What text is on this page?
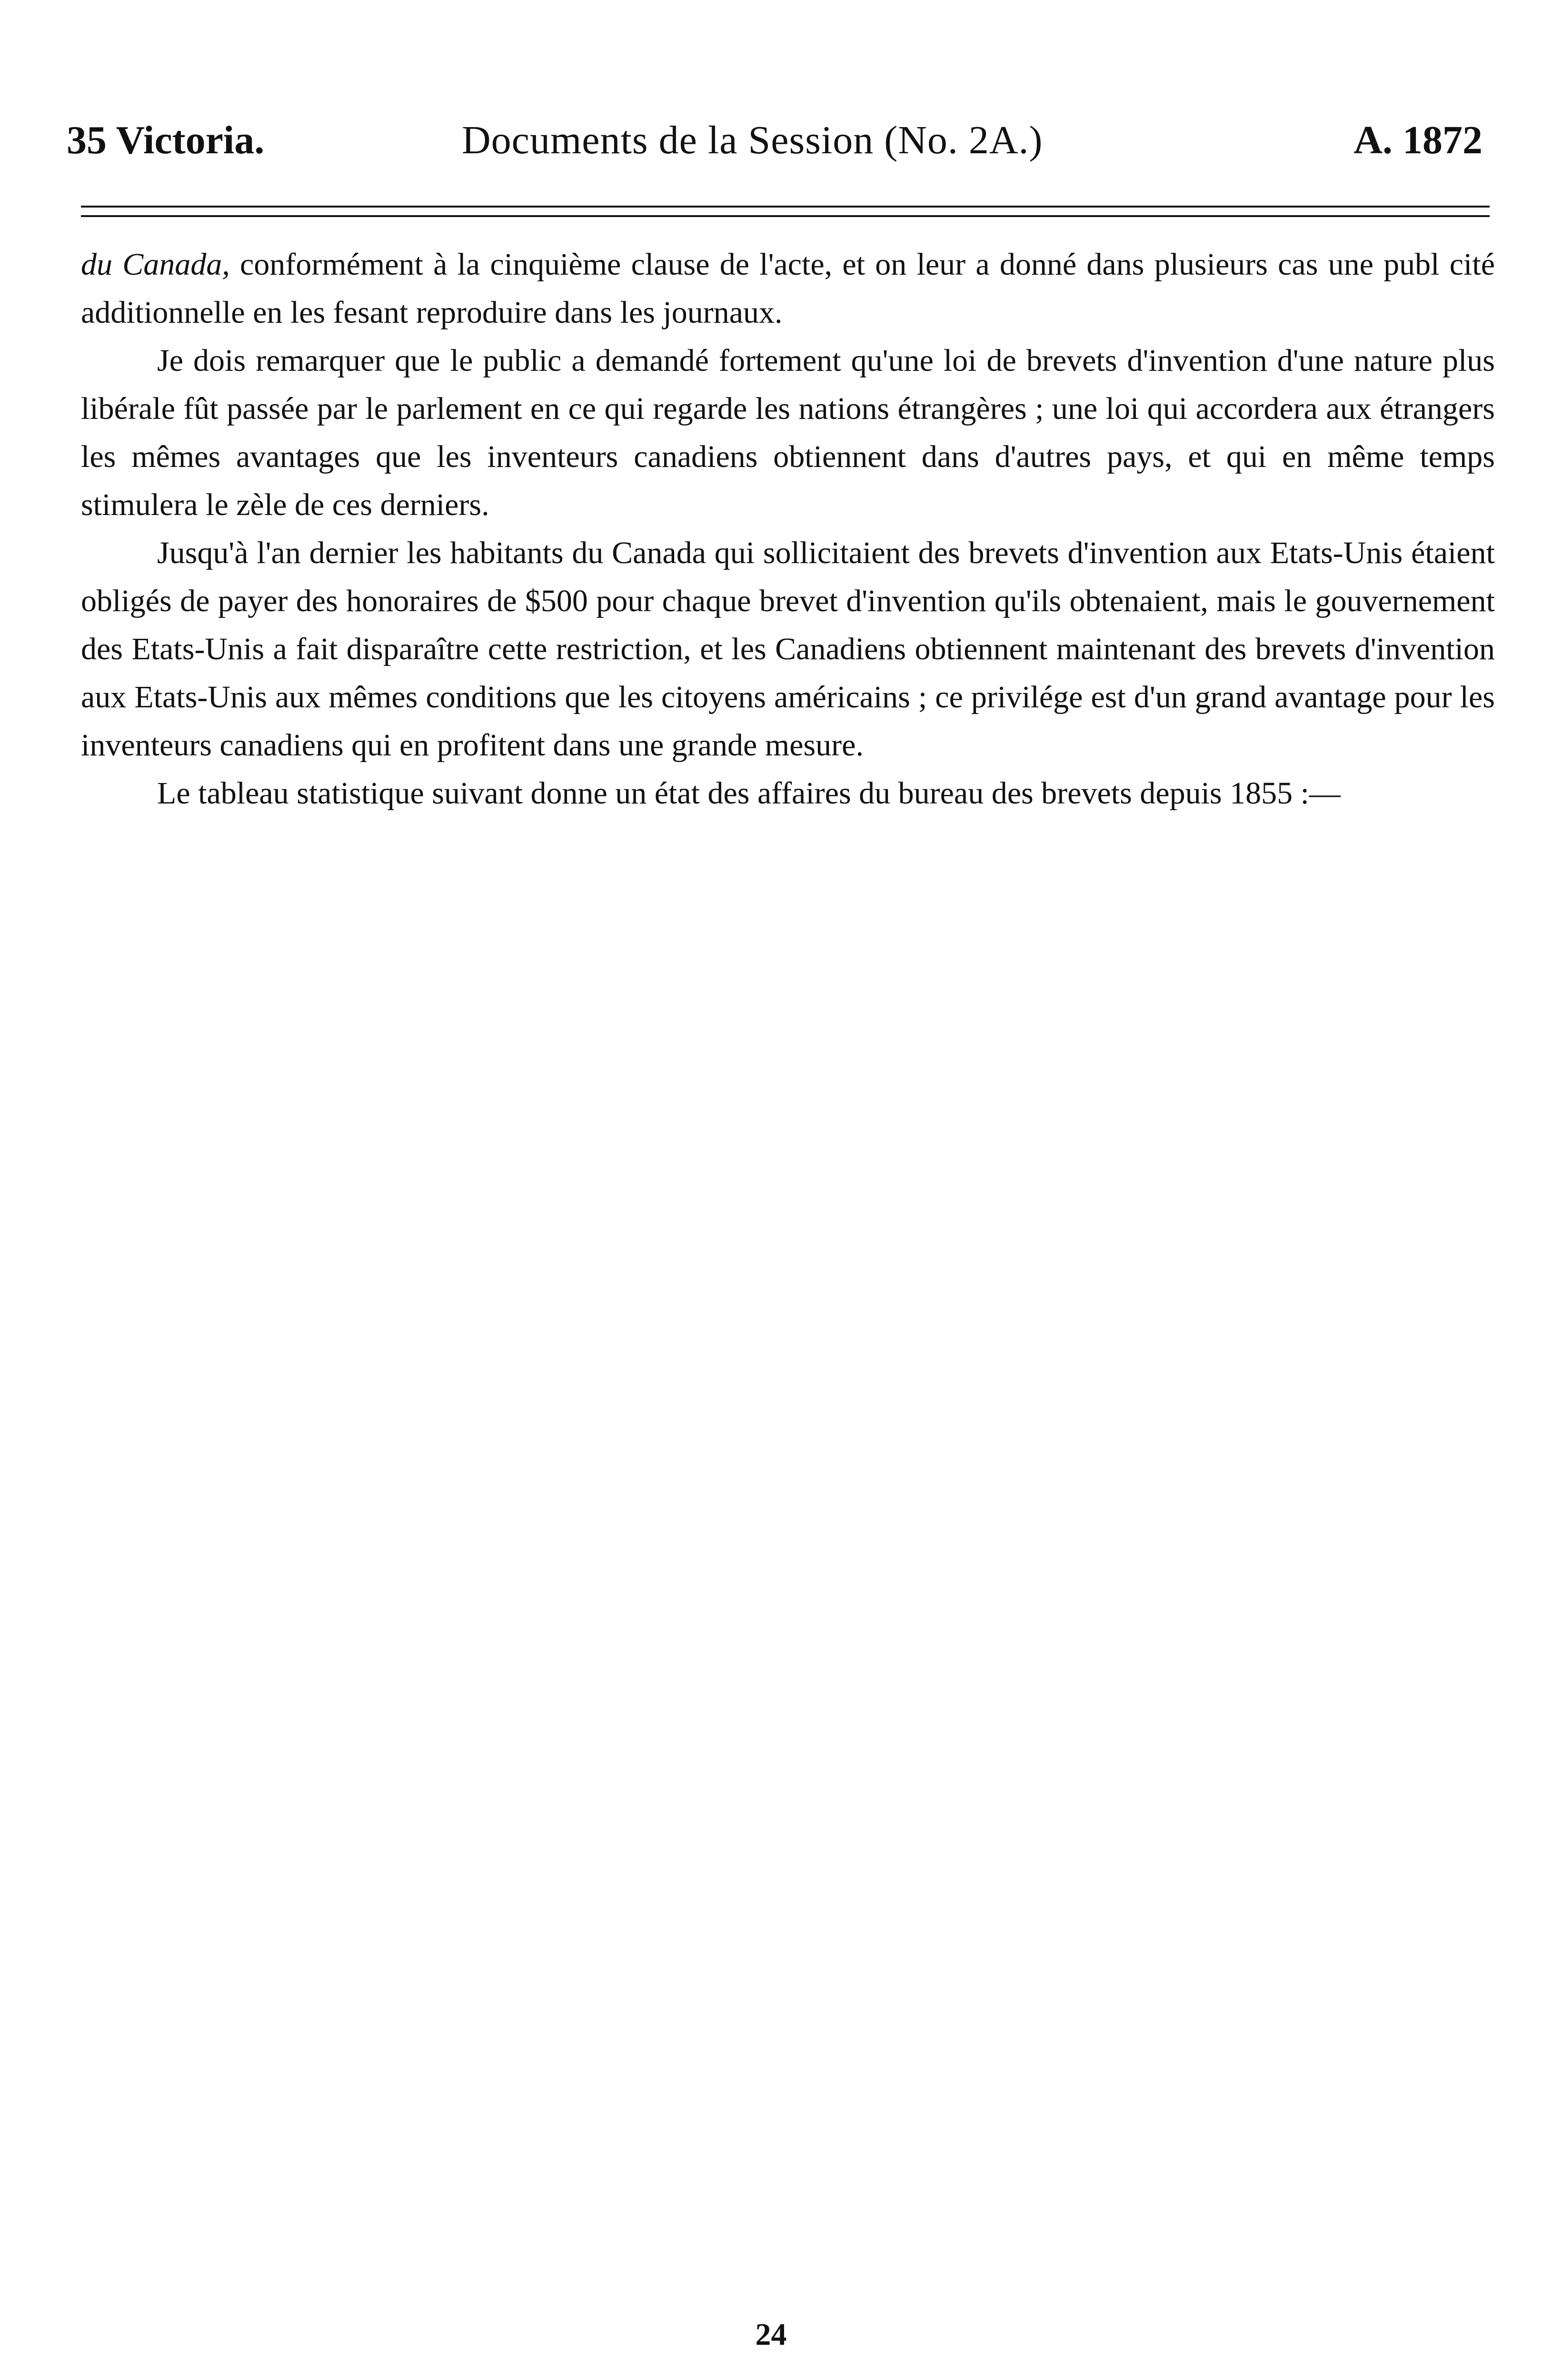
35 Victoria.	Documents de la Session (No. 2A.)	A. 1872

du Canada, conformément à la cinquième clause de l'acte, et on leur a donné dans plusieurs cas une publ cité additionnelle en les fesant reproduire dans les journaux.

Je dois remarquer que le public a demandé fortement qu'une loi de brevets d'invention d'une nature plus libérale fût passée par le parlement en ce qui regarde les nations étrangères ; une loi qui accordera aux étrangers les mêmes avantages que les inventeurs canadiens obtiennent dans d'autres pays, et qui en même temps stimulera le zèle de ces derniers.

Jusqu'à l'an dernier les habitants du Canada qui sollicitaient des brevets d'invention aux Etats-Unis étaient obligés de payer des honoraires de $500 pour chaque brevet d'invention qu'ils obtenaient, mais le gouvernement des Etats-Unis a fait disparaître cette restriction, et les Canadiens obtiennent maintenant des brevets d'invention aux Etats-Unis aux mêmes conditions que les citoyens américains ; ce privilége est d'un grand avantage pour les inventeurs canadiens qui en profitent dans une grande mesure.

Le tableau statistique suivant donne un état des affaires du bureau des brevets depuis 1855 :—

24
